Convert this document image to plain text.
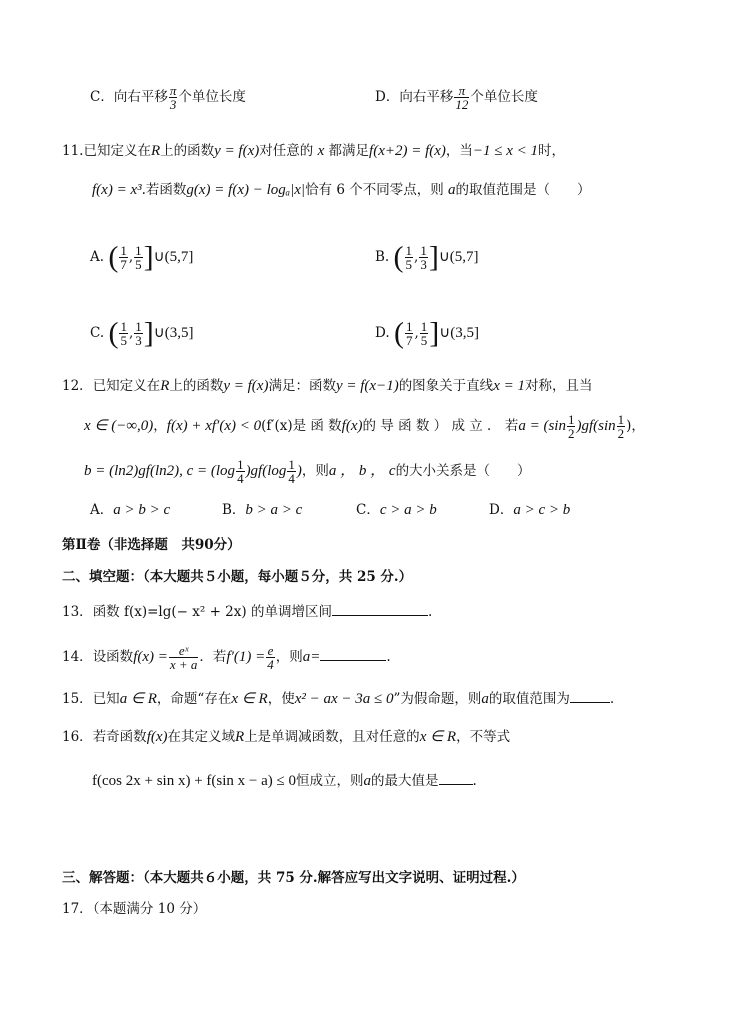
C．向右平移 $\frac{\pi}{3}$ 个单位长度	D．向右平移 $\frac{\pi}{12}$ 个单位长度
11.已知定义在R上的函数y = f(x)对任意的 x 都满足f(x+2) = f(x)，当−1 ≤ x < 1时，
f(x) = x³.若函数g(x) = f(x) − logₐ|x|恰有 6 个不同零点，则 a的取值范围是（　　）
A. ( $\frac{1}{7}$ , $\frac{1}{5}$ ]∪(5,7]	B. ( $\frac{1}{5}$ , $\frac{1}{3}$ ]∪(5,7]
C. ( $\frac{1}{5}$ , $\frac{1}{3}$ ]∪(3,5]	D. ( $\frac{1}{7}$ , $\frac{1}{5}$ ]∪(3,5]
12．已知定义在R上的函数y = f(x)满足：函数y = f(x−1)的图象关于直线x = 1对称，且当
x ∈ (−∞,0)，f(x) + xf′(x) < 0(f′(x)是 函 数f(x)的 导 函 数 ） 成 立 ． 若$a = (\sin \frac{1}{2} )gf(\sin \frac{1}{2}$ )，
b = (ln2)gf(ln2), $c = (\log \frac{1}{4} )gf(\log \frac{1}{4}$ )，则a ， b ， c的大小关系是（　　）
A．a > b > c	B．b > a > c	C．c > a > b	D．a > c > b
第Ⅱ卷（非选择题　共90分）
二、填空题：（本大题共５小题，每小题５分，共 25 分.）
13．函数 f(x)=lg(− x² + 2x) 的单调增区间	.
14．设函数$f(x) = \frac{\text{eˣ}}{x + a}$ ．若$f'(1) = \frac{e}{4}$ ，则a=	.
15．已知a ∈ R，命题“存在x ∈ R，使x² − ax − 3a ≤ 0”为假命题，则a的取值范围为	.
16．若奇函数f(x)在其定义域R上是单调减函数，且对任意的x ∈ R，不等式
f(cos 2x + sin x) + f(sin x − a) ≤ 0恒成立，则a的最大值是	.
三、解答题：（本大题共６小题，共 75 分.解答应写出文字说明、证明过程.）
17．（本题满分 10 分）
